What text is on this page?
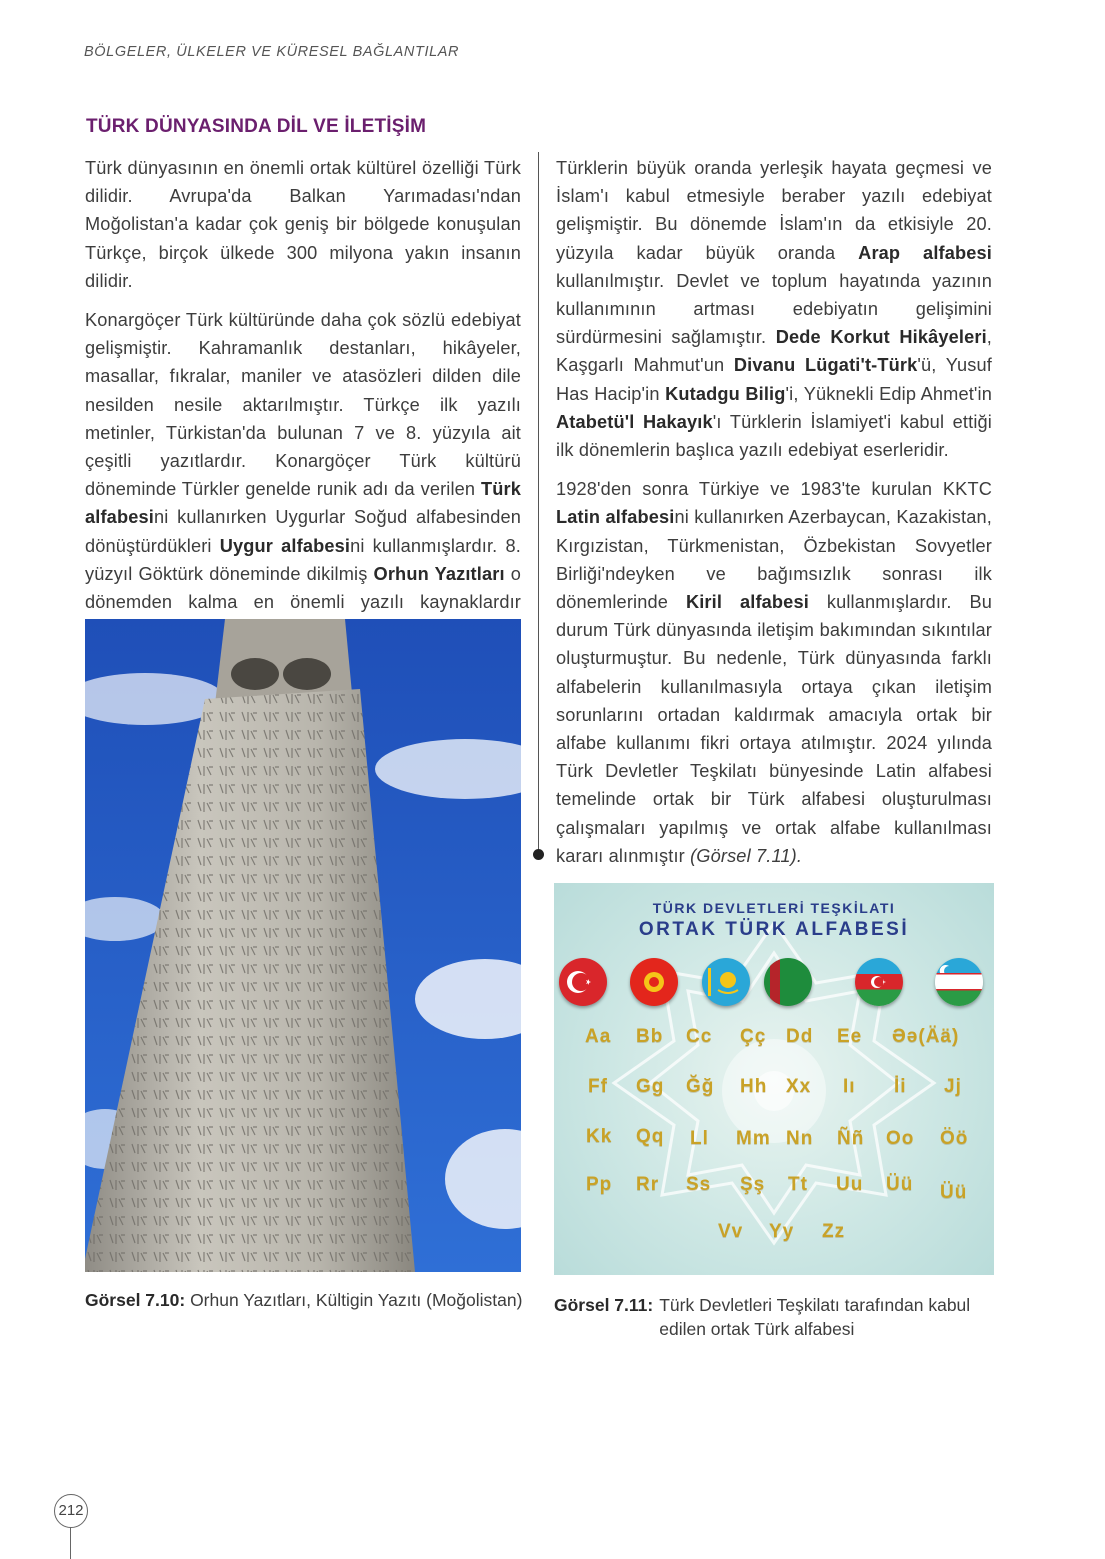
BÖLGELER, ÜLKELER VE KÜRESEL BAĞLANTILAR
TÜRK DÜNYASINDA DİL VE İLETİŞİM

Türk dünyasının en önemli ortak kültürel özelliği Türk dilidir. Avrupa'da Balkan Yarımadası'ndan Moğolistan'a kadar çok geniş bir bölgede konuşulan Türkçe, birçok ülkede 300 milyona yakın insanın dilidir.

Konargöçer Türk kültüründe daha çok sözlü edebiyat gelişmiştir. Kahramanlık destanları, hikâyeler, masallar, fıkralar, maniler ve atasözleri dilden dile nesilden nesile aktarılmıştır. Türkçe ilk yazılı metinler, Türkistan'da bulunan 7 ve 8. yüzyıla ait çeşitli yazıtlardır. Konargöçer Türk kültürü döneminde Türkler genelde runik adı da verilen Türk alfabesini kullanırken Uygurlar Soğud alfabesinden dönüştürdükleri Uygur alfabesini kullanmışlardır. 8. yüzyıl Göktürk döneminde dikilmiş Orhun Yazıtları o dönemden kalma en önemli yazılı kaynaklardır

Türklerin büyük oranda yerleşik hayata geçmesi ve İslam'ı kabul etmesiyle beraber yazılı edebiyat gelişmiştir. Bu dönemde İslam'ın da etkisiyle 20. yüzyıla kadar büyük oranda Arap alfabesi kullanılmıştır. Devlet ve toplum hayatında yazının kullanımının artması edebiyatın gelişimini sürdürmesini sağlamıştır. Dede Korkut Hikâyeleri, Kaşgarlı Mahmut'un Divanu Lügati't-Türk'ü, Yusuf Has Hacip'in Kutadgu Bilig'i, Yüknekli Edip Ahmet'in Atabetü'l Hakayık'ı Türklerin İslamiyet'i kabul ettiği ilk dönemlerin başlıca yazılı edebiyat eserleridir.

1928'den sonra Türkiye ve 1983'te kurulan KKTC Latin alfabesini kullanırken Azerbaycan, Kazakistan, Kırgızistan, Türkmenistan, Özbekistan Sovyetler Birliği'ndeyken ve bağımsızlık sonrası ilk dönemlerinde Kiril alfabesi kullanmışlardır. Bu durum Türk dünyasında iletişim bakımından sıkıntılar oluşturmuştur. Bu nedenle, Türk dünyasında farklı alfabelerin kullanılmasıyla ortaya çıkan iletişim sorunlarını ortadan kaldırmak amacıyla ortak bir alfabe kullanımı fikri ortaya atılmıştır. 2024 yılında Türk Devletler Teşkilatı bünyesinde Latin alfabesi temelinde ortak bir Türk alfabesi oluşturulması çalışmaları yapılmış ve ortak alfabe kullanılması kararı alınmıştır (Görsel 7.11).

Görsel 7.10: Orhun Yazıtları, Kültigin Yazıtı (Moğolistan)
TÜRK DEVLETLERİ TEŞKİLATI
ORTAK TÜRK ALFABESİ
Aa Bb Cc Çç Dd Ee Əə(Ää)
Ff Gg Ğğ Hh Xx Iı İi Jj
Kk Qq Ll Mm Nn Ññ Oo Öö
Pp Rr Ss Şş Tt Uu Üü Üü
Vv Yy Zz
Görsel 7.11: Türk Devletleri Teşkilatı tarafından kabul edilen ortak Türk alfabesi
212
